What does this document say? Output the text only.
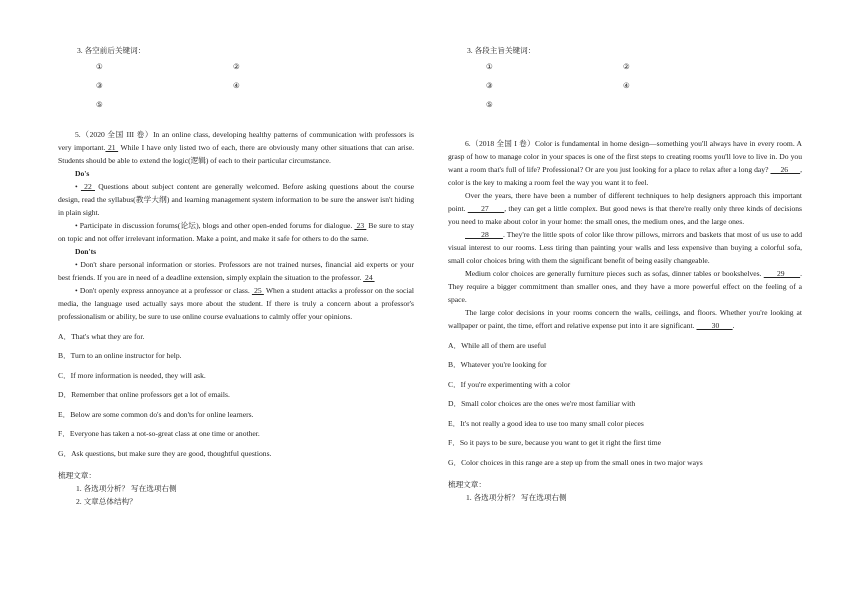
3. 各空前后关键词：
①	②
③	④
⑤

5.（2020 全国 III 卷）In an online class, developing healthy patterns of communication with professors is very important. 21  While I have only listed two of each, there are obviously many other situations that can arise. Students should be able to extend the logic(逻辑) of each to their particular circumstance.

Do's

•  22  Questions about subject content are generally welcomed. Before asking questions about the course design, read the syllabus(教学大纲) and learning management system information to be sure the answer isn't hiding in plain sight.

• Participate in discussion forums(论坛), blogs and other open-ended forums for dialogue.  23  Be sure to stay on topic and not offer irrelevant information. Make a point, and make it safe for others to do the same.

Don'ts

• Don't share personal information or stories. Professors are not trained nurses, financial aid experts or your best friends. If you are in need of a deadline extension, simply explain the situation to the professor.  24

• Don't openly express annoyance at a professor or class.  25  When a student attacks a professor on the social media, the language used actually says more about the student. If there is truly a concern about a professor's professionalism or ability, be sure to use online course evaluations to calmly offer your opinions.

A．That's what they are for.

B．Turn to an online instructor for help.

C．If more information is needed, they will ask.

D．Remember that online professors get a lot of emails.

E．Below are some common do's and don'ts for online learners.

F．Everyone has taken a not-so-great class at one time or another.

G．Ask questions, but make sure they are good, thoughtful questions.

梳理文章：

1. 各选项分析？ 写在选项右侧

2. 文章总体结构？

3. 各段主旨关键词：
①	②
③	④
⑤

6.（2018 全国 I 卷）Color is fundamental in home design—something you'll always have in every room. A grasp of how to manage color in your spaces is one of the first steps to creating rooms you'll love to live in. Do you want a room that's full of life? Professional? Or are you just looking for a place to relax after a long day?      26      , color is the key to making a room feel the way you want it to feel.

Over the years, there have been a number of different techniques to help designers approach this important point.       27       , they can get a little complex. But good news is that there're really only three kinds of decisions you need to make about color in your home: the small ones, the medium ones, and the large ones.

28       . They're the little spots of color like throw pillows, mirrors and baskets that most of us use to add visual interest to our rooms. Less tiring than painting your walls and less expensive than buying a colorful sofa, small color choices bring with them the significant benefit of being easily changeable.

Medium color choices are generally furniture pieces such as sofas, dinner tables or bookshelves.       29       . They require a bigger commitment than smaller ones, and they have a more powerful effect on the feeling of a space.

The large color decisions in your rooms concern the walls, ceilings, and floors. Whether you're looking at wallpaper or paint, the time, effort and relative expense put into it are significant.         30       .

A．While all of them are useful

B．Whatever you're looking for

C．If you're experimenting with a color

D．Small color choices are the ones we're most familiar with

E．It's not really a good idea to use too many small color pieces

F．So it pays to be sure, because you want to get it right the first time

G．Color choices in this range are a step up from the small ones in two major ways

梳理文章：

1. 各选项分析？ 写在选项右侧
